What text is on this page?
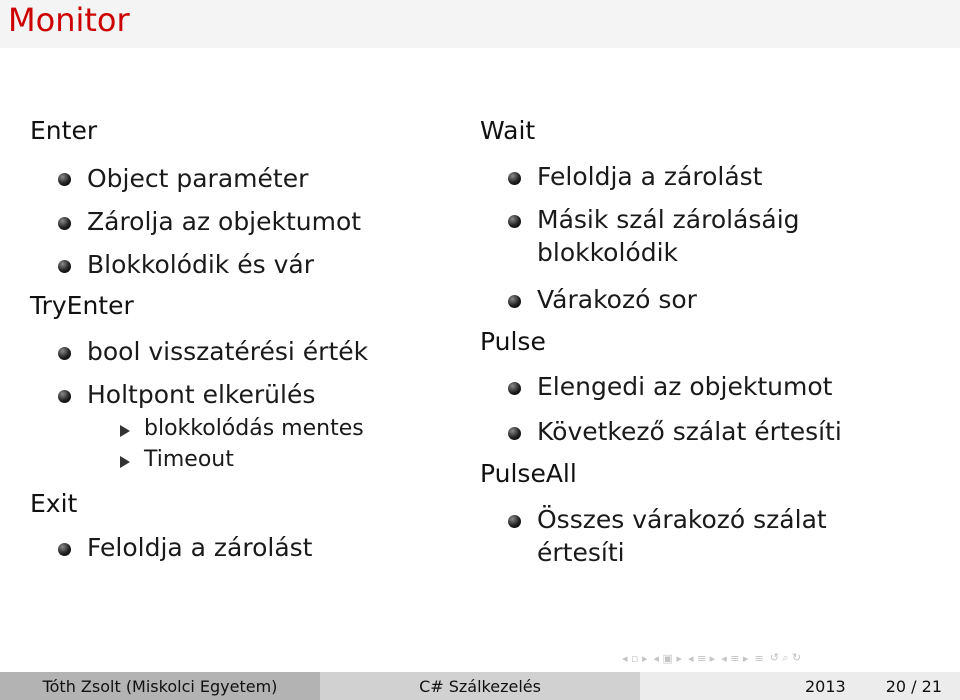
Monitor
Enter
Object paraméter
Zárolja az objektumot
Blokkolódik és vár
TryEnter
bool visszatérési érték
Holtpont elkerülés
blokkolódás mentes
Timeout
Exit
Feloldja a zárolást
Wait
Feloldja a zárolást
Másik szál zárolásáig blokkolódik
Várakozó sor
Pulse
Elengedi az objektumot
Következő szálat értesíti
PulseAll
Összes várakozó szálat értesíti
◂ ▫ ▸ ◂ ▣ ▸ ◂ ≡ ▸ ◂ ≡ ▸ ≡ ↺ ⌕ ↻
Tóth Zsolt (Miskolci Egyetem)	C# Szálkezelés	2013	20 / 21
